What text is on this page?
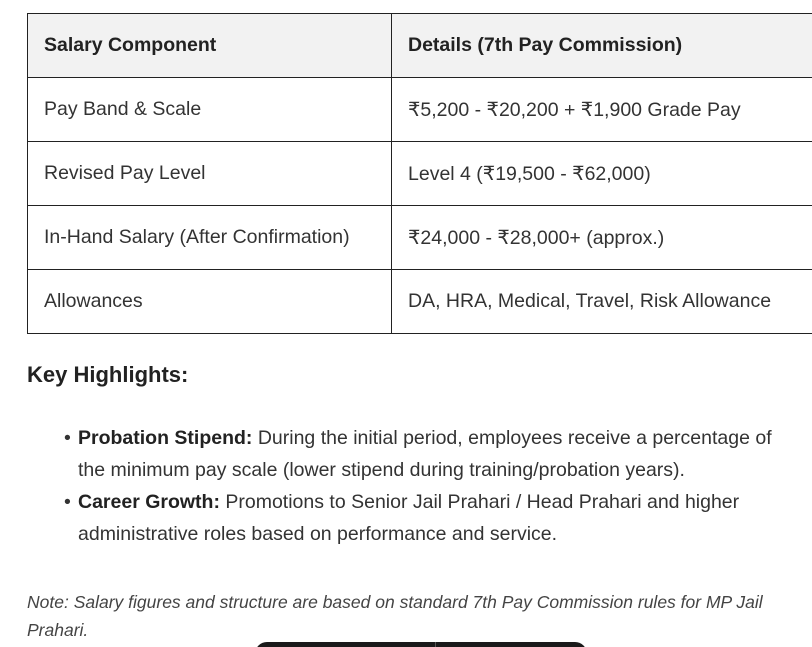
Salary Component	Details (7th Pay Commission)
Pay Band & Scale	₹5,200 - ₹20,200 + ₹1,900 Grade Pay
Revised Pay Level	Level 4 (₹19,500 - ₹62,000)
In-Hand Salary (After Confirmation)	₹24,000 - ₹28,000+ (approx.)
Allowances	DA, HRA, Medical, Travel, Risk Allowance
Key Highlights:
• Probation Stipend: During the initial period, employees receive a percentage of the minimum pay scale (lower stipend during training/probation years).
• Career Growth: Promotions to Senior Jail Prahari / Head Prahari and higher administrative roles based on performance and service.

Note: Salary figures and structure are based on standard 7th Pay Commission rules for MP Jail Prahari.
